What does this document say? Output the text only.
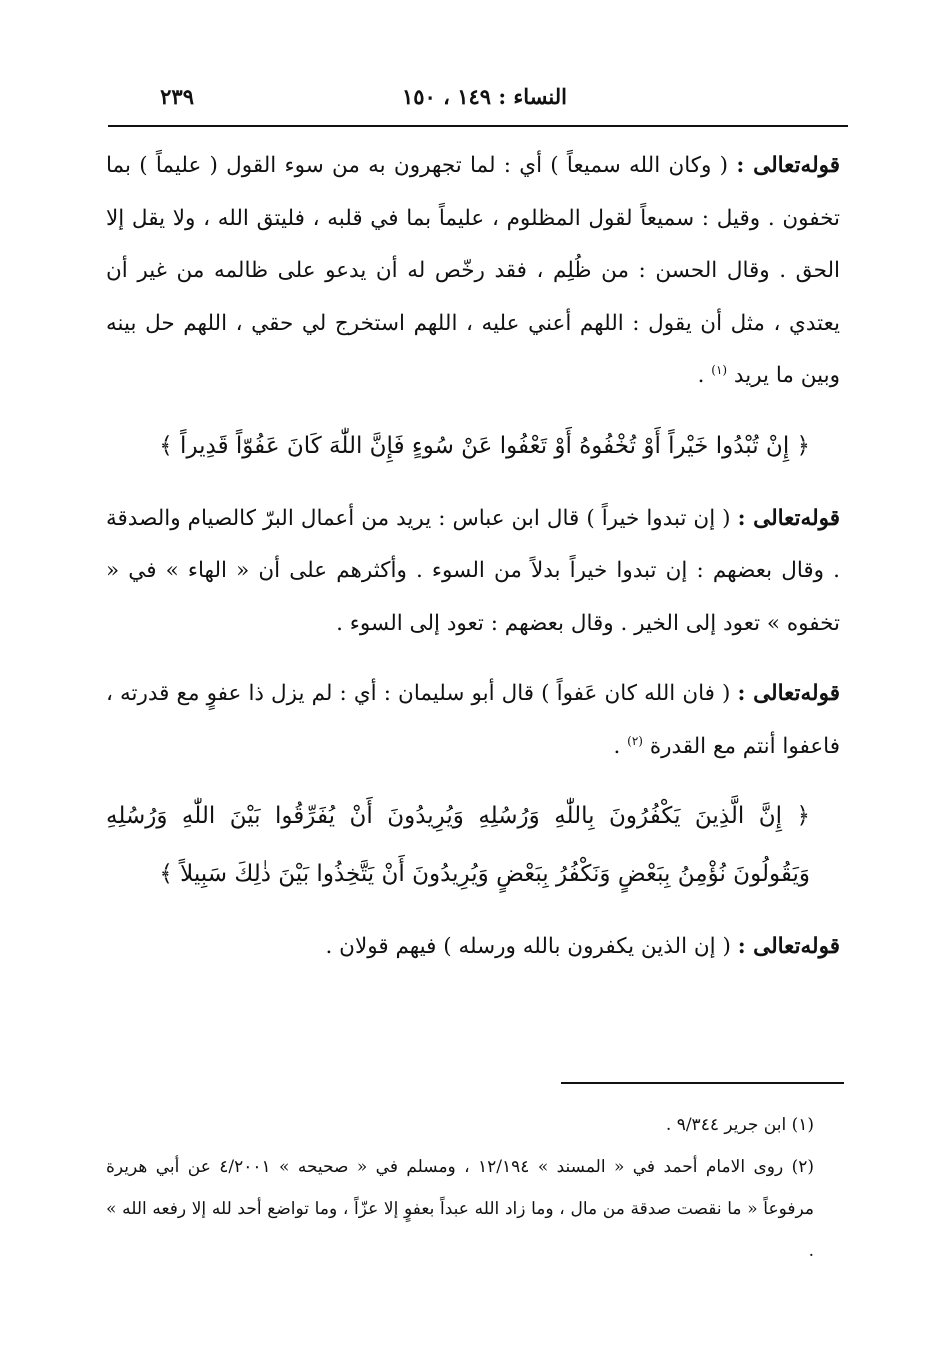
٢٣٩	النساء : ١٤٩ ، ١٥٠

قوله‌تعالى : ( وكان الله سميعاً ) أي : لما تجهرون به من سوء القول ( عليماً ) بما تخفون . وقيل : سميعاً لقول المظلوم ، عليماً بما في قلبه ، فليتق الله ، ولا يقل إلا الحق . وقال الحسن : من ظُلِم ، فقد رخّص له أن يدعو على ظالمه من غير أن يعتدي ، مثل أن يقول : اللهم أعني عليه ، اللهم استخرج لي حقي ، اللهم حل بينه وبين ما يريد $^{(١)}$ .

﴿ إِنْ تُبْدُوا خَيْراً أَوْ تُخْفُوهُ أَوْ تَعْفُوا عَنْ سُوءٍ فَإِنَّ اللّٰهَ كَانَ عَفُوّاً قَدِيراً ﴾

قوله‌تعالى : ( إن تبدوا خيراً ) قال ابن عباس : يريد من أعمال البرّ كالصيام والصدقة . وقال بعضهم : إن تبدوا خيراً بدلاً من السوء . وأكثرهم على أن « الهاء » في « تخفوه » تعود إلى الخير . وقال بعضهم : تعود إلى السوء .

قوله‌تعالى : ( فان الله كان عَفواً ) قال أبو سليمان : أي : لم يزل ذا عفوٍ مع قدرته ، فاعفوا أنتم مع القدرة $^{(٢)}$ .

﴿ إِنَّ الَّذِينَ يَكْفُرُونَ بِاللّٰهِ وَرُسُلِهِ وَيُرِيدُونَ أَنْ يُفَرِّقُوا بَيْنَ اللّٰهِ وَرُسُلِهِ وَيَقُولُونَ نُؤْمِنُ بِبَعْضٍ وَنَكْفُرُ بِبَعْضٍ وَيُرِيدُونَ أَنْ يَتَّخِذُوا بَيْنَ ذٰلِكَ سَبِيلاً ﴾

قوله‌تعالى : ( إن الذين يكفرون بالله ورسله ) فيهم قولان .

(١) ابن جرير ٩/٣٤٤ .

(٢) روى الامام أحمد في « المسند » ١٢/١٩٤ ، ومسلم في « صحيحه » ٤/٢٠٠١ عن أبي هريرة مرفوعاً « ما نقصت صدقة من مال ، وما زاد الله عبداً بعفوٍ إلا عزّاً ، وما تواضع أحد لله إلا رفعه الله » .
